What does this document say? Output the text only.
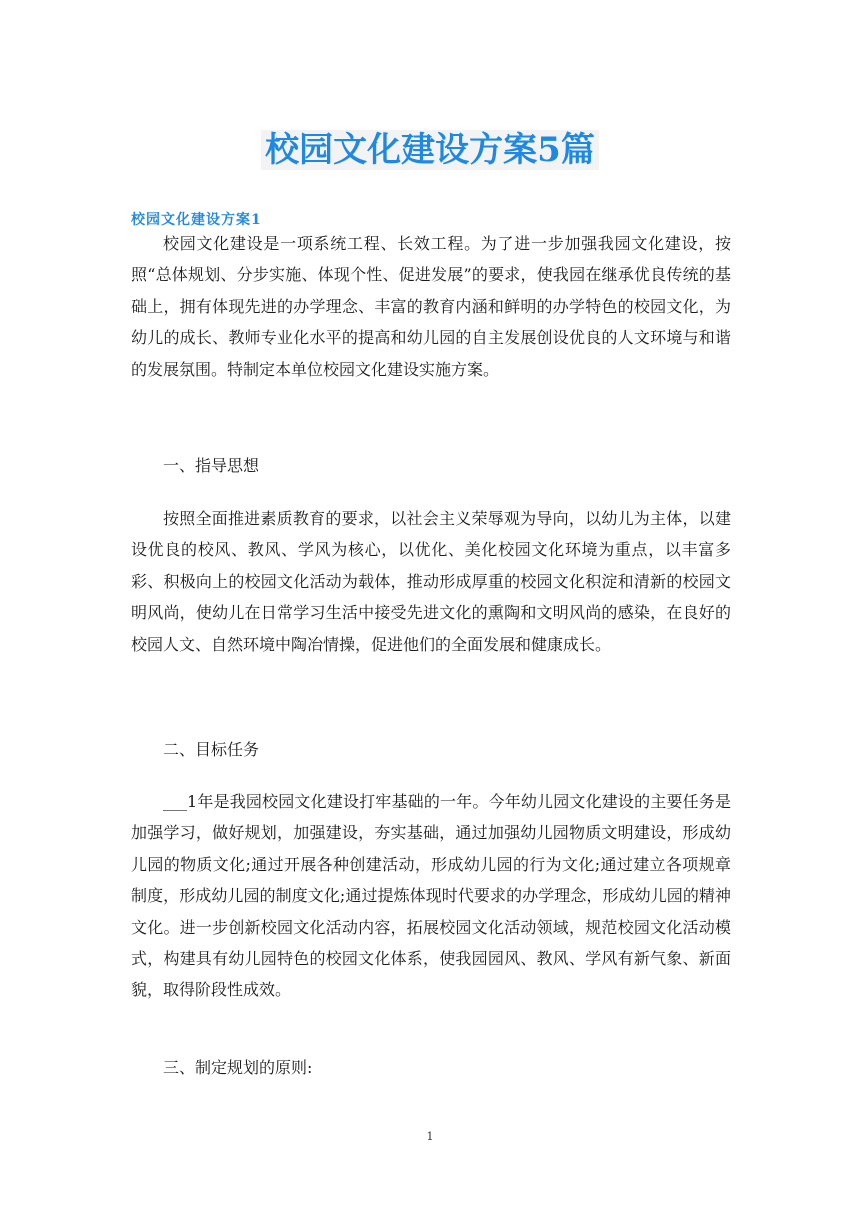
校园文化建设方案5篇
校园文化建设方案1

校园文化建设是一项系统工程、长效工程。为了进一步加强我园文化建设，按照“总体规划、分步实施、体现个性、促进发展”的要求，使我园在继承优良传统的基础上，拥有体现先进的办学理念、丰富的教育内涵和鲜明的办学特色的校园文化，为幼儿的成长、教师专业化水平的提高和幼儿园的自主发展创设优良的人文环境与和谐的发展氛围。特制定本单位校园文化建设实施方案。

一、指导思想

按照全面推进素质教育的要求，以社会主义荣辱观为导向，以幼儿为主体，以建设优良的校风、教风、学风为核心，以优化、美化校园文化环境为重点，以丰富多彩、积极向上的校园文化活动为载体，推动形成厚重的校园文化积淀和清新的校园文明风尚，使幼儿在日常学习生活中接受先进文化的熏陶和文明风尚的感染，在良好的校园人文、自然环境中陶冶情操，促进他们的全面发展和健康成长。

二、目标任务

___1年是我园校园文化建设打牢基础的一年。今年幼儿园文化建设的主要任务是加强学习，做好规划，加强建设，夯实基础，通过加强幼儿园物质文明建设，形成幼儿园的物质文化;通过开展各种创建活动，形成幼儿园的行为文化;通过建立各项规章制度，形成幼儿园的制度文化;通过提炼体现时代要求的办学理念，形成幼儿园的精神文化。进一步创新校园文化活动内容，拓展校园文化活动领域，规范校园文化活动模式，构建具有幼儿园特色的校园文化体系，使我园园风、教风、学风有新气象、新面貌，取得阶段性成效。

三、制定规划的原则:

1
